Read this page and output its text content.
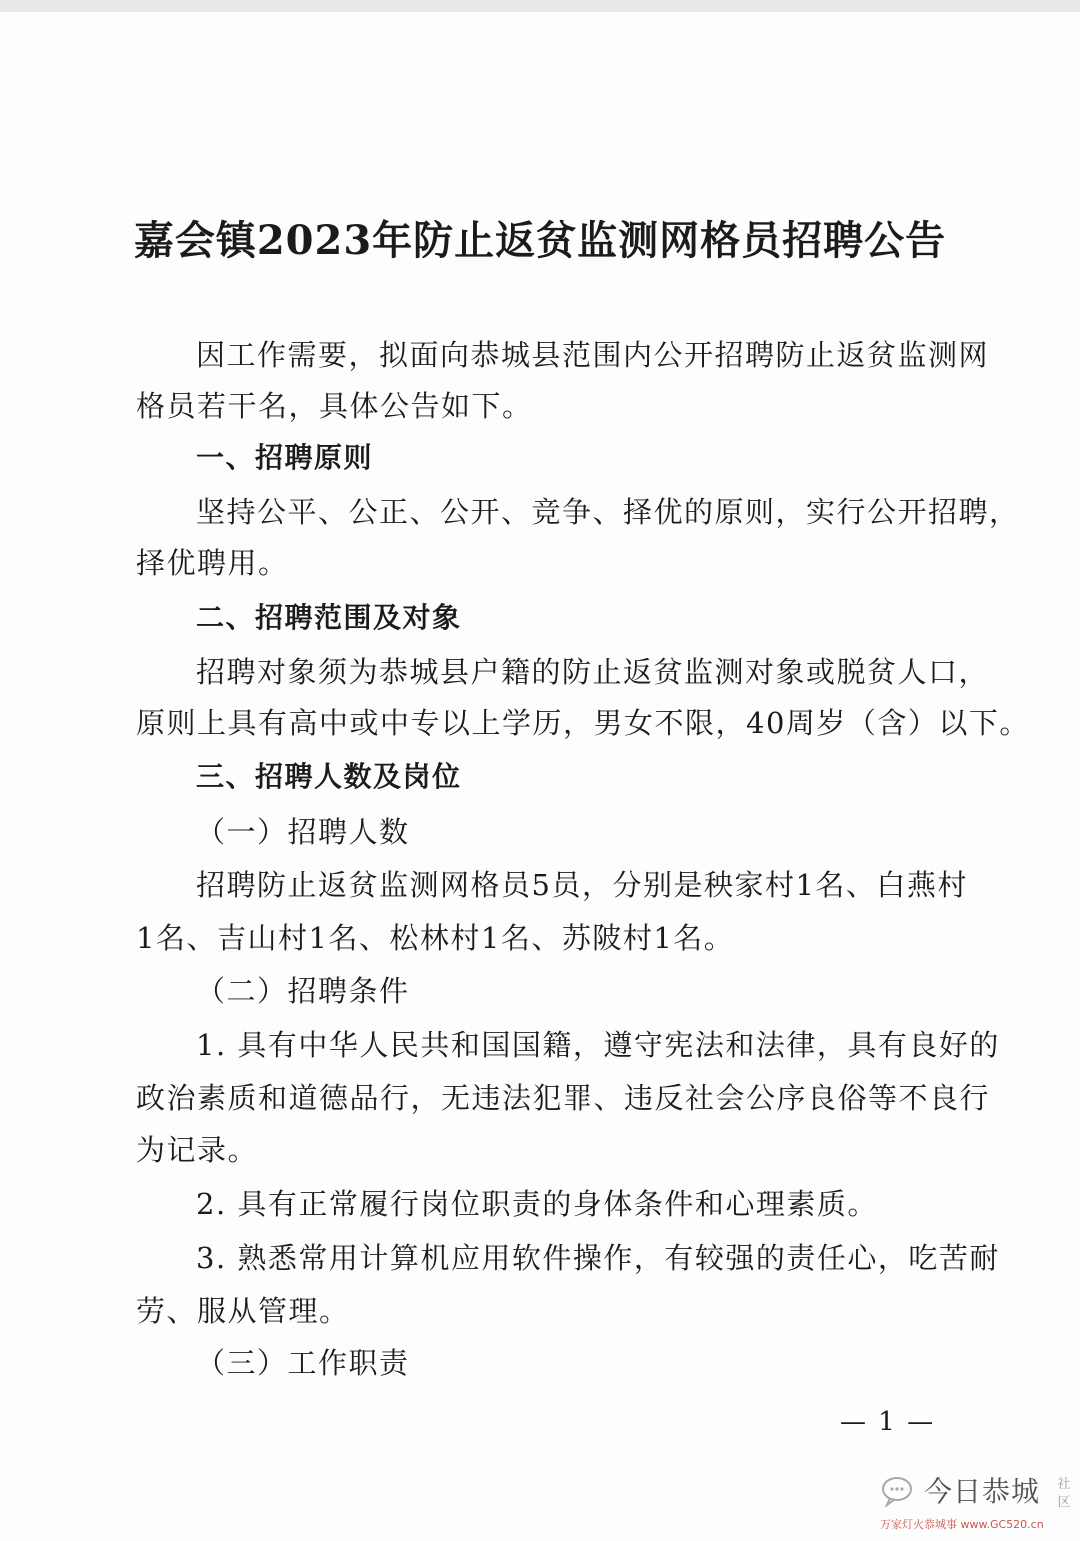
嘉会镇2023年防止返贫监测网格员招聘公告
因工作需要，拟面向恭城县范围内公开招聘防止返贫监测网
格员若干名，具体公告如下。
一、招聘原则
坚持公平、公正、公开、竞争、择优的原则，实行公开招聘，
择优聘用。
二、招聘范围及对象
招聘对象须为恭城县户籍的防止返贫监测对象或脱贫人口，
原则上具有高中或中专以上学历，男女不限，40周岁（含）以下。
三、招聘人数及岗位
（一）招聘人数
招聘防止返贫监测网格员5员，分别是秧家村1名、白燕村
1名、吉山村1名、松林村1名、苏陂村1名。
（二）招聘条件
1. 具有中华人民共和国国籍，遵守宪法和法律，具有良好的
政治素质和道德品行，无违法犯罪、违反社会公序良俗等不良行
为记录。
2. 具有正常履行岗位职责的身体条件和心理素质。
3. 熟悉常用计算机应用软件操作，有较强的责任心，吃苦耐
劳、服从管理。
（三）工作职责
— 1 —
今日恭城 社
区
万家灯火恭城事 www.GC520.cn
